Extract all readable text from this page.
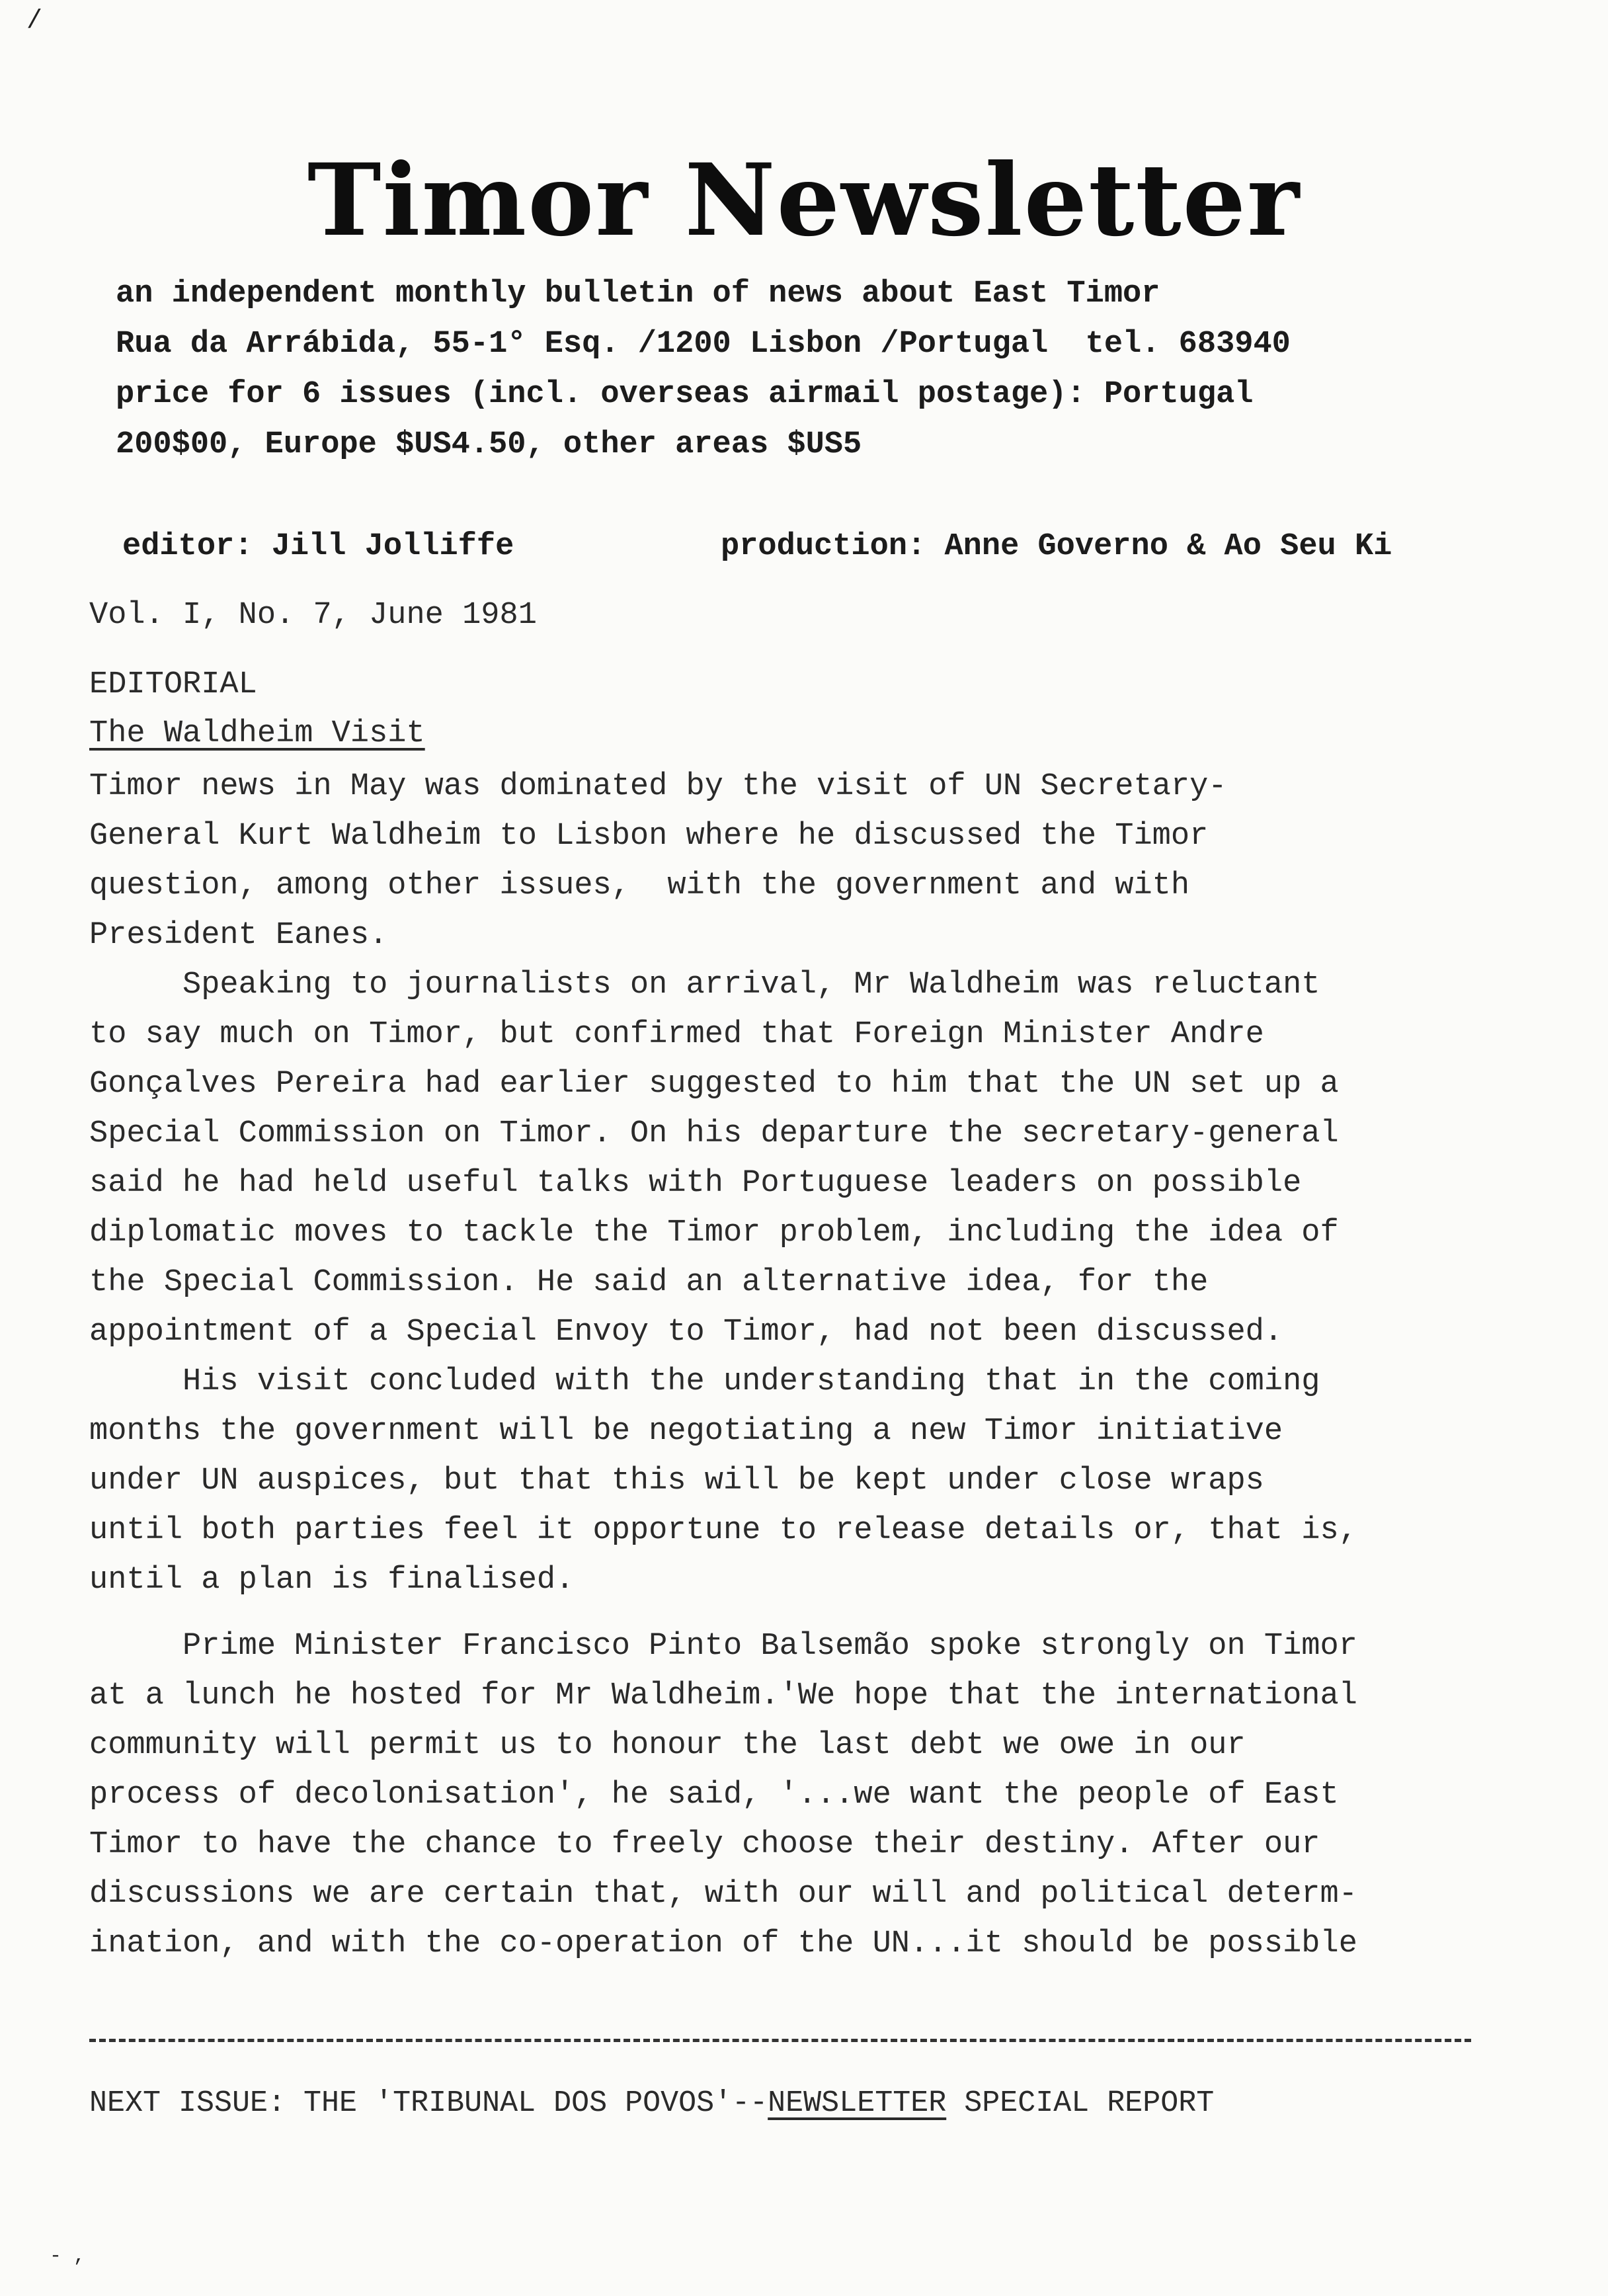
/
- ,
Timor Newsletter
an independent monthly bulletin of news about East Timor
Rua da Arrábida, 55-1° Esq. /1200 Lisbon /Portugal  tel. 683940
price for 6 issues (incl. overseas airmail postage): Portugal
200$00, Europe $US4.50, other areas $US5
editor: Jill Jolliffe	production: Anne Governo & Ao Seu Ki
Vol. I, No. 7, June 1981
EDITORIAL
The Waldheim Visit
Timor news in May was dominated by the visit of UN Secretary-
General Kurt Waldheim to Lisbon where he discussed the Timor
question, among other issues,  with the government and with
President Eanes.
Speaking to journalists on arrival, Mr Waldheim was reluctant
to say much on Timor, but confirmed that Foreign Minister Andre
Gonçalves Pereira had earlier suggested to him that the UN set up a
Special Commission on Timor. On his departure the secretary-general
said he had held useful talks with Portuguese leaders on possible
diplomatic moves to tackle the Timor problem, including the idea of
the Special Commission. He said an alternative idea, for the
appointment of a Special Envoy to Timor, had not been discussed.
His visit concluded with the understanding that in the coming
months the government will be negotiating a new Timor initiative
under UN auspices, but that this will be kept under close wraps
until both parties feel it opportune to release details or, that is,
until a plan is finalised.
Prime Minister Francisco Pinto Balsemão spoke strongly on Timor
at a lunch he hosted for Mr Waldheim.'We hope that the international
community will permit us to honour the last debt we owe in our
process of decolonisation', he said, '...we want the people of East
Timor to have the chance to freely choose their destiny. After our
discussions we are certain that, with our will and political determ-
ination, and with the co-operation of the UN...it should be possible
NEXT ISSUE: THE 'TRIBUNAL DOS POVOS'--NEWSLETTER SPECIAL REPORT
